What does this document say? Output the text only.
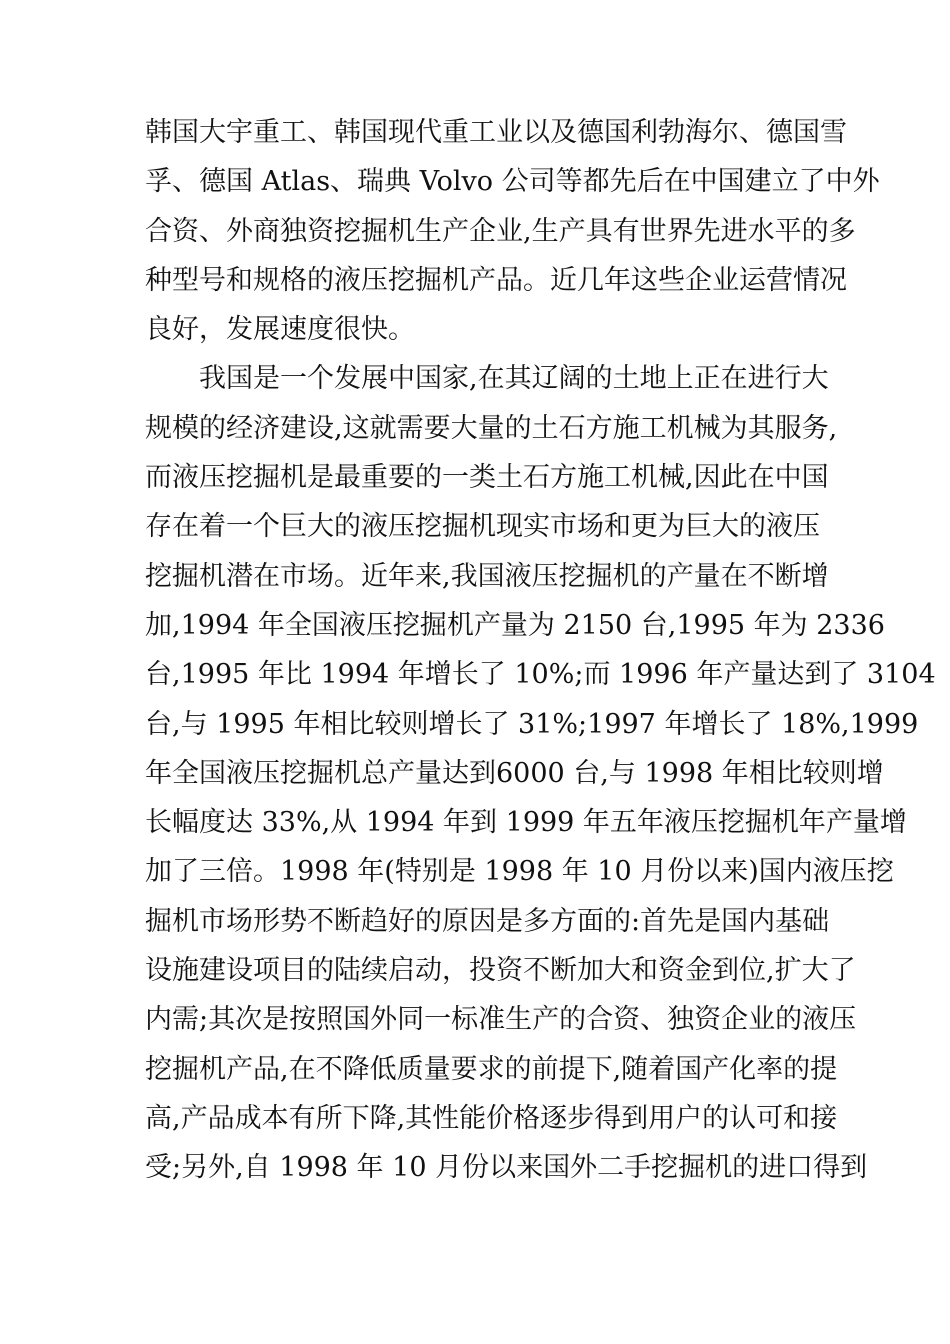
韩国大宇重工、韩国现代重工业以及德国利勃海尔、德国雪
孚、德国 Atlas、瑞典 Volvo 公司等都先后在中国建立了中外
合资、外商独资挖掘机生产企业,生产具有世界先进水平的多
种型号和规格的液压挖掘机产品。近几年这些企业运营情况
良好，发展速度很快。
我国是一个发展中国家,在其辽阔的土地上正在进行大
规模的经济建设,这就需要大量的土石方施工机械为其服务,
而液压挖掘机是最重要的一类土石方施工机械,因此在中国
存在着一个巨大的液压挖掘机现实市场和更为巨大的液压
挖掘机潜在市场。近年来,我国液压挖掘机的产量在不断增
加,1994 年全国液压挖掘机产量为 2150 台,1995 年为 2336
台,1995 年比 1994 年增长了 10%;而 1996 年产量达到了 3104
台,与 1995 年相比较则增长了 31%;1997 年增长了 18%,1999
年全国液压挖掘机总产量达到6000 台,与 1998 年相比较则增
长幅度达 33%,从 1994 年到 1999 年五年液压挖掘机年产量增
加了三倍。1998 年(特别是 1998 年 10 月份以来)国内液压挖
掘机市场形势不断趋好的原因是多方面的:首先是国内基础
设施建设项目的陆续启动，投资不断加大和资金到位,扩大了
内需;其次是按照国外同一标准生产的合资、独资企业的液压
挖掘机产品,在不降低质量要求的前提下,随着国产化率的提
高,产品成本有所下降,其性能价格逐步得到用户的认可和接
受;另外,自 1998 年 10 月份以来国外二手挖掘机的进口得到
